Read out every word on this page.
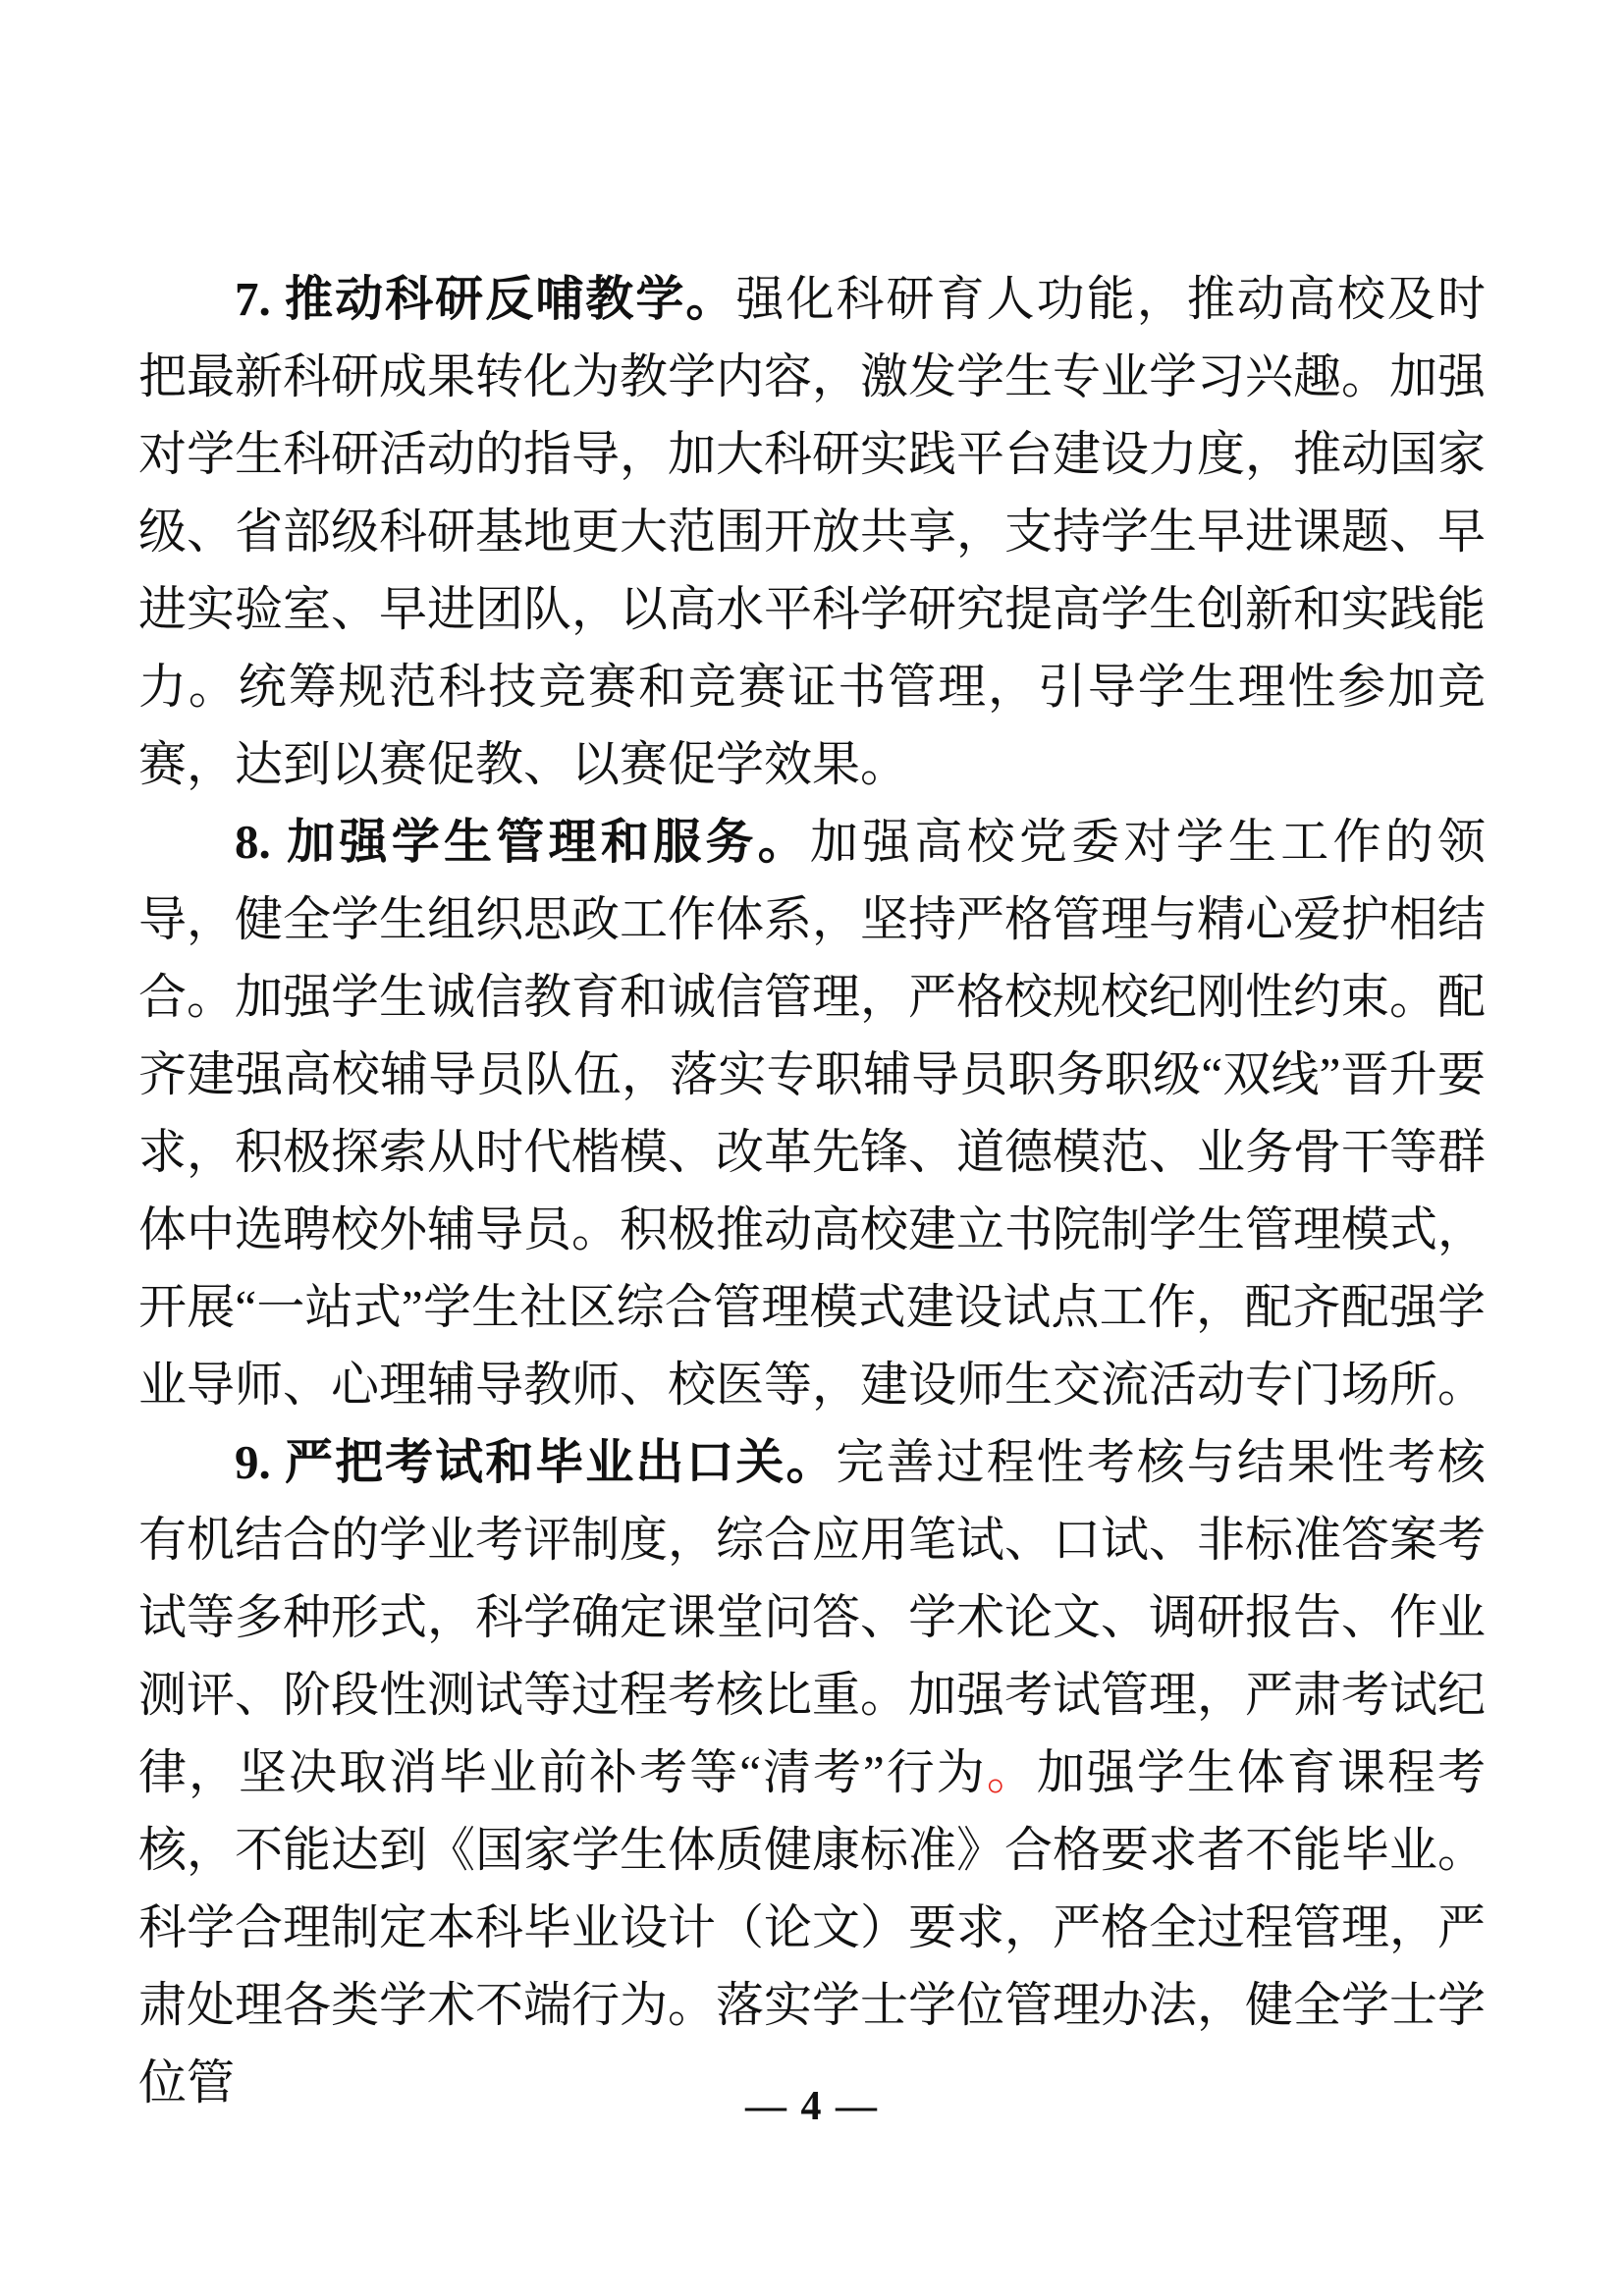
7. 推动科研反哺教学。强化科研育人功能，推动高校及时把最新科研成果转化为教学内容，激发学生专业学习兴趣。加强对学生科研活动的指导，加大科研实践平台建设力度，推动国家级、省部级科研基地更大范围开放共享，支持学生早进课题、早进实验室、早进团队，以高水平科学研究提高学生创新和实践能力。统筹规范科技竞赛和竞赛证书管理，引导学生理性参加竞赛，达到以赛促教、以赛促学效果。

8. 加强学生管理和服务。加强高校党委对学生工作的领导，健全学生组织思政工作体系，坚持严格管理与精心爱护相结合。加强学生诚信教育和诚信管理，严格校规校纪刚性约束。配齐建强高校辅导员队伍，落实专职辅导员职务职级“双线”晋升要求，积极探索从时代楷模、改革先锋、道德模范、业务骨干等群体中选聘校外辅导员。积极推动高校建立书院制学生管理模式，开展“一站式”学生社区综合管理模式建设试点工作，配齐配强学业导师、心理辅导教师、校医等，建设师生交流活动专门场所。

9. 严把考试和毕业出口关。完善过程性考核与结果性考核有机结合的学业考评制度，综合应用笔试、口试、非标准答案考试等多种形式，科学确定课堂问答、学术论文、调研报告、作业测评、阶段性测试等过程考核比重。加强考试管理，严肃考试纪律，坚决取消毕业前补考等“清考”行为。加强学生体育课程考核，不能达到《国家学生体质健康标准》合格要求者不能毕业。科学合理制定本科毕业设计（论文）要求，严格全过程管理，严肃处理各类学术不端行为。落实学士学位管理办法，健全学士学位管	— 4 —
